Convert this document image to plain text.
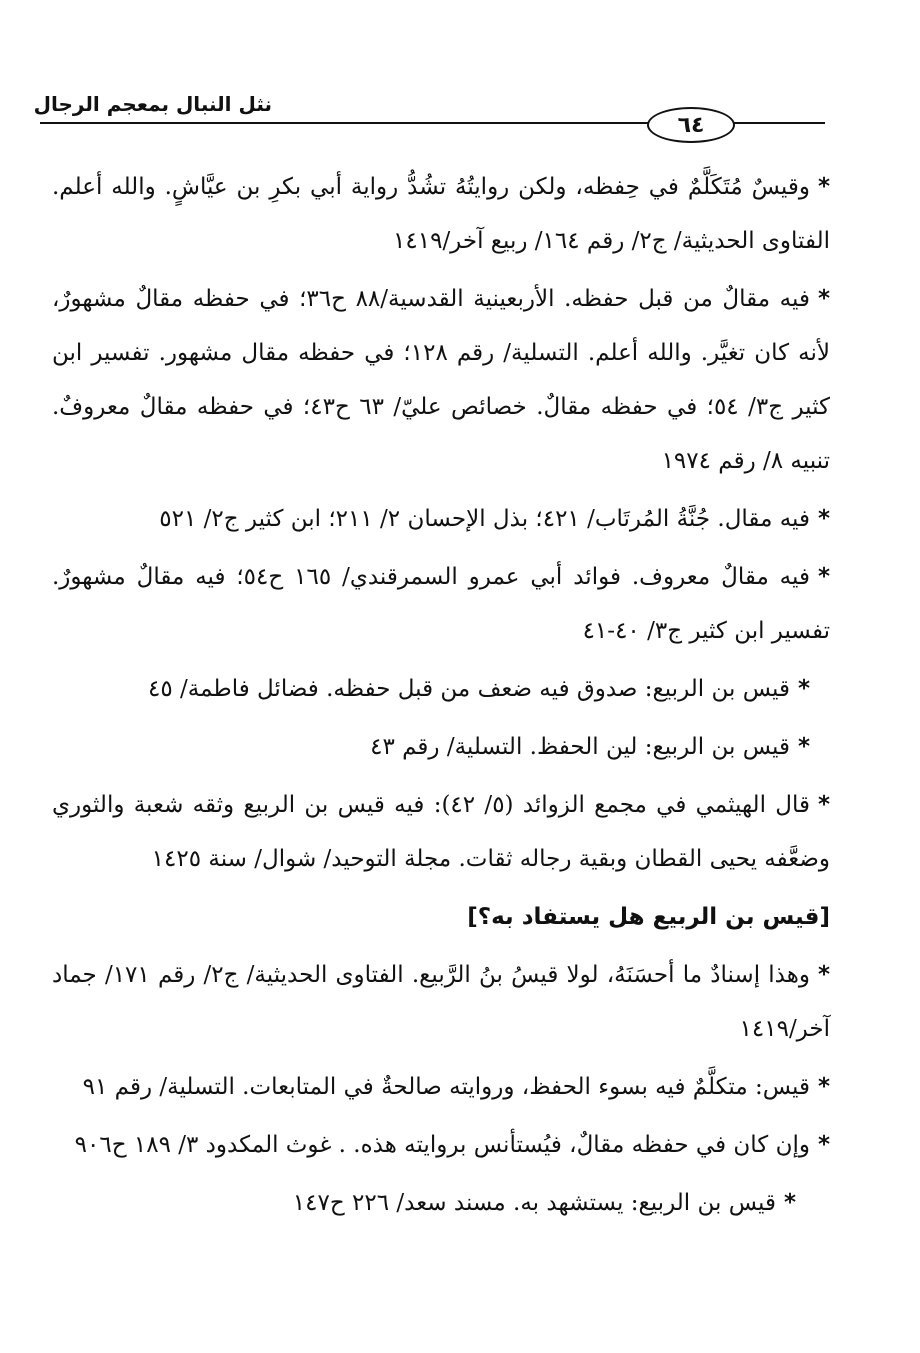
نثل النبال بمعجم الرجال
٦٤

*وقيسٌ مُتَكَلَّمٌ في حِفظه، ولكن روايتُهُ تشُدُّ رواية أبي بكرِ بن عيَّاشٍ. والله أعلم. الفتاوى الحديثية/ ج٢/ رقم ١٦٤/ ربيع آخر/١٤١٩

*فيه مقالٌ من قبل حفظه. الأربعينية القدسية/٨٨ ح٣٦؛ في حفظه مقالٌ مشهورٌ، لأنه كان تغيَّر. والله أعلم. التسلية/ رقم ١٢٨؛ في حفظه مقال مشهور. تفسير ابن كثير ج٣/ ٥٤؛ في حفظه مقالٌ. خصائص عليّ/ ٦٣ ح٤٣؛ في حفظه مقالٌ معروفٌ. تنبيه ٨/ رقم ١٩٧٤

*فيه مقال. جُنَّةُ المُرتَاب/ ٤٢١؛ بذل الإحسان ٢/ ٢١١؛ ابن كثير ج٢/ ٥٢١

*فيه مقالٌ معروف. فوائد أبي عمرو السمرقندي/ ١٦٥ ح٥٤؛ فيه مقالٌ مشهورٌ. تفسير ابن كثير ج٣/ ٤٠-٤١

*قيس بن الربيع: صدوق فيه ضعف من قبل حفظه. فضائل فاطمة/ ٤٥

*قيس بن الربيع: لين الحفظ. التسلية/ رقم ٤٣

*قال الهيثمي في مجمع الزوائد (٥/ ٤٢): فيه قيس بن الربيع وثقه شعبة والثوري وضعَّفه يحيى القطان وبقية رجاله ثقات. مجلة التوحيد/ شوال/ سنة ١٤٢٥

[قيس بن الربيع هل يستفاد به؟]

*وهذا إسنادٌ ما أحسَنَهُ، لولا قيسُ بنُ الرَّبيع. الفتاوى الحديثية/ ج٢/ رقم ١٧١/ جماد آخر/١٤١٩

*قيس: متكلَّمٌ فيه بسوء الحفظ، وروايته صالحةٌ في المتابعات. التسلية/ رقم ٩١

*وإن كان في حفظه مقالٌ، فيُستأنس بروايته هذه. . غوث المكدود ٣/ ١٨٩ ح٩٠٦

*قيس بن الربيع: يستشهد به. مسند سعد/ ٢٢٦ ح١٤٧
